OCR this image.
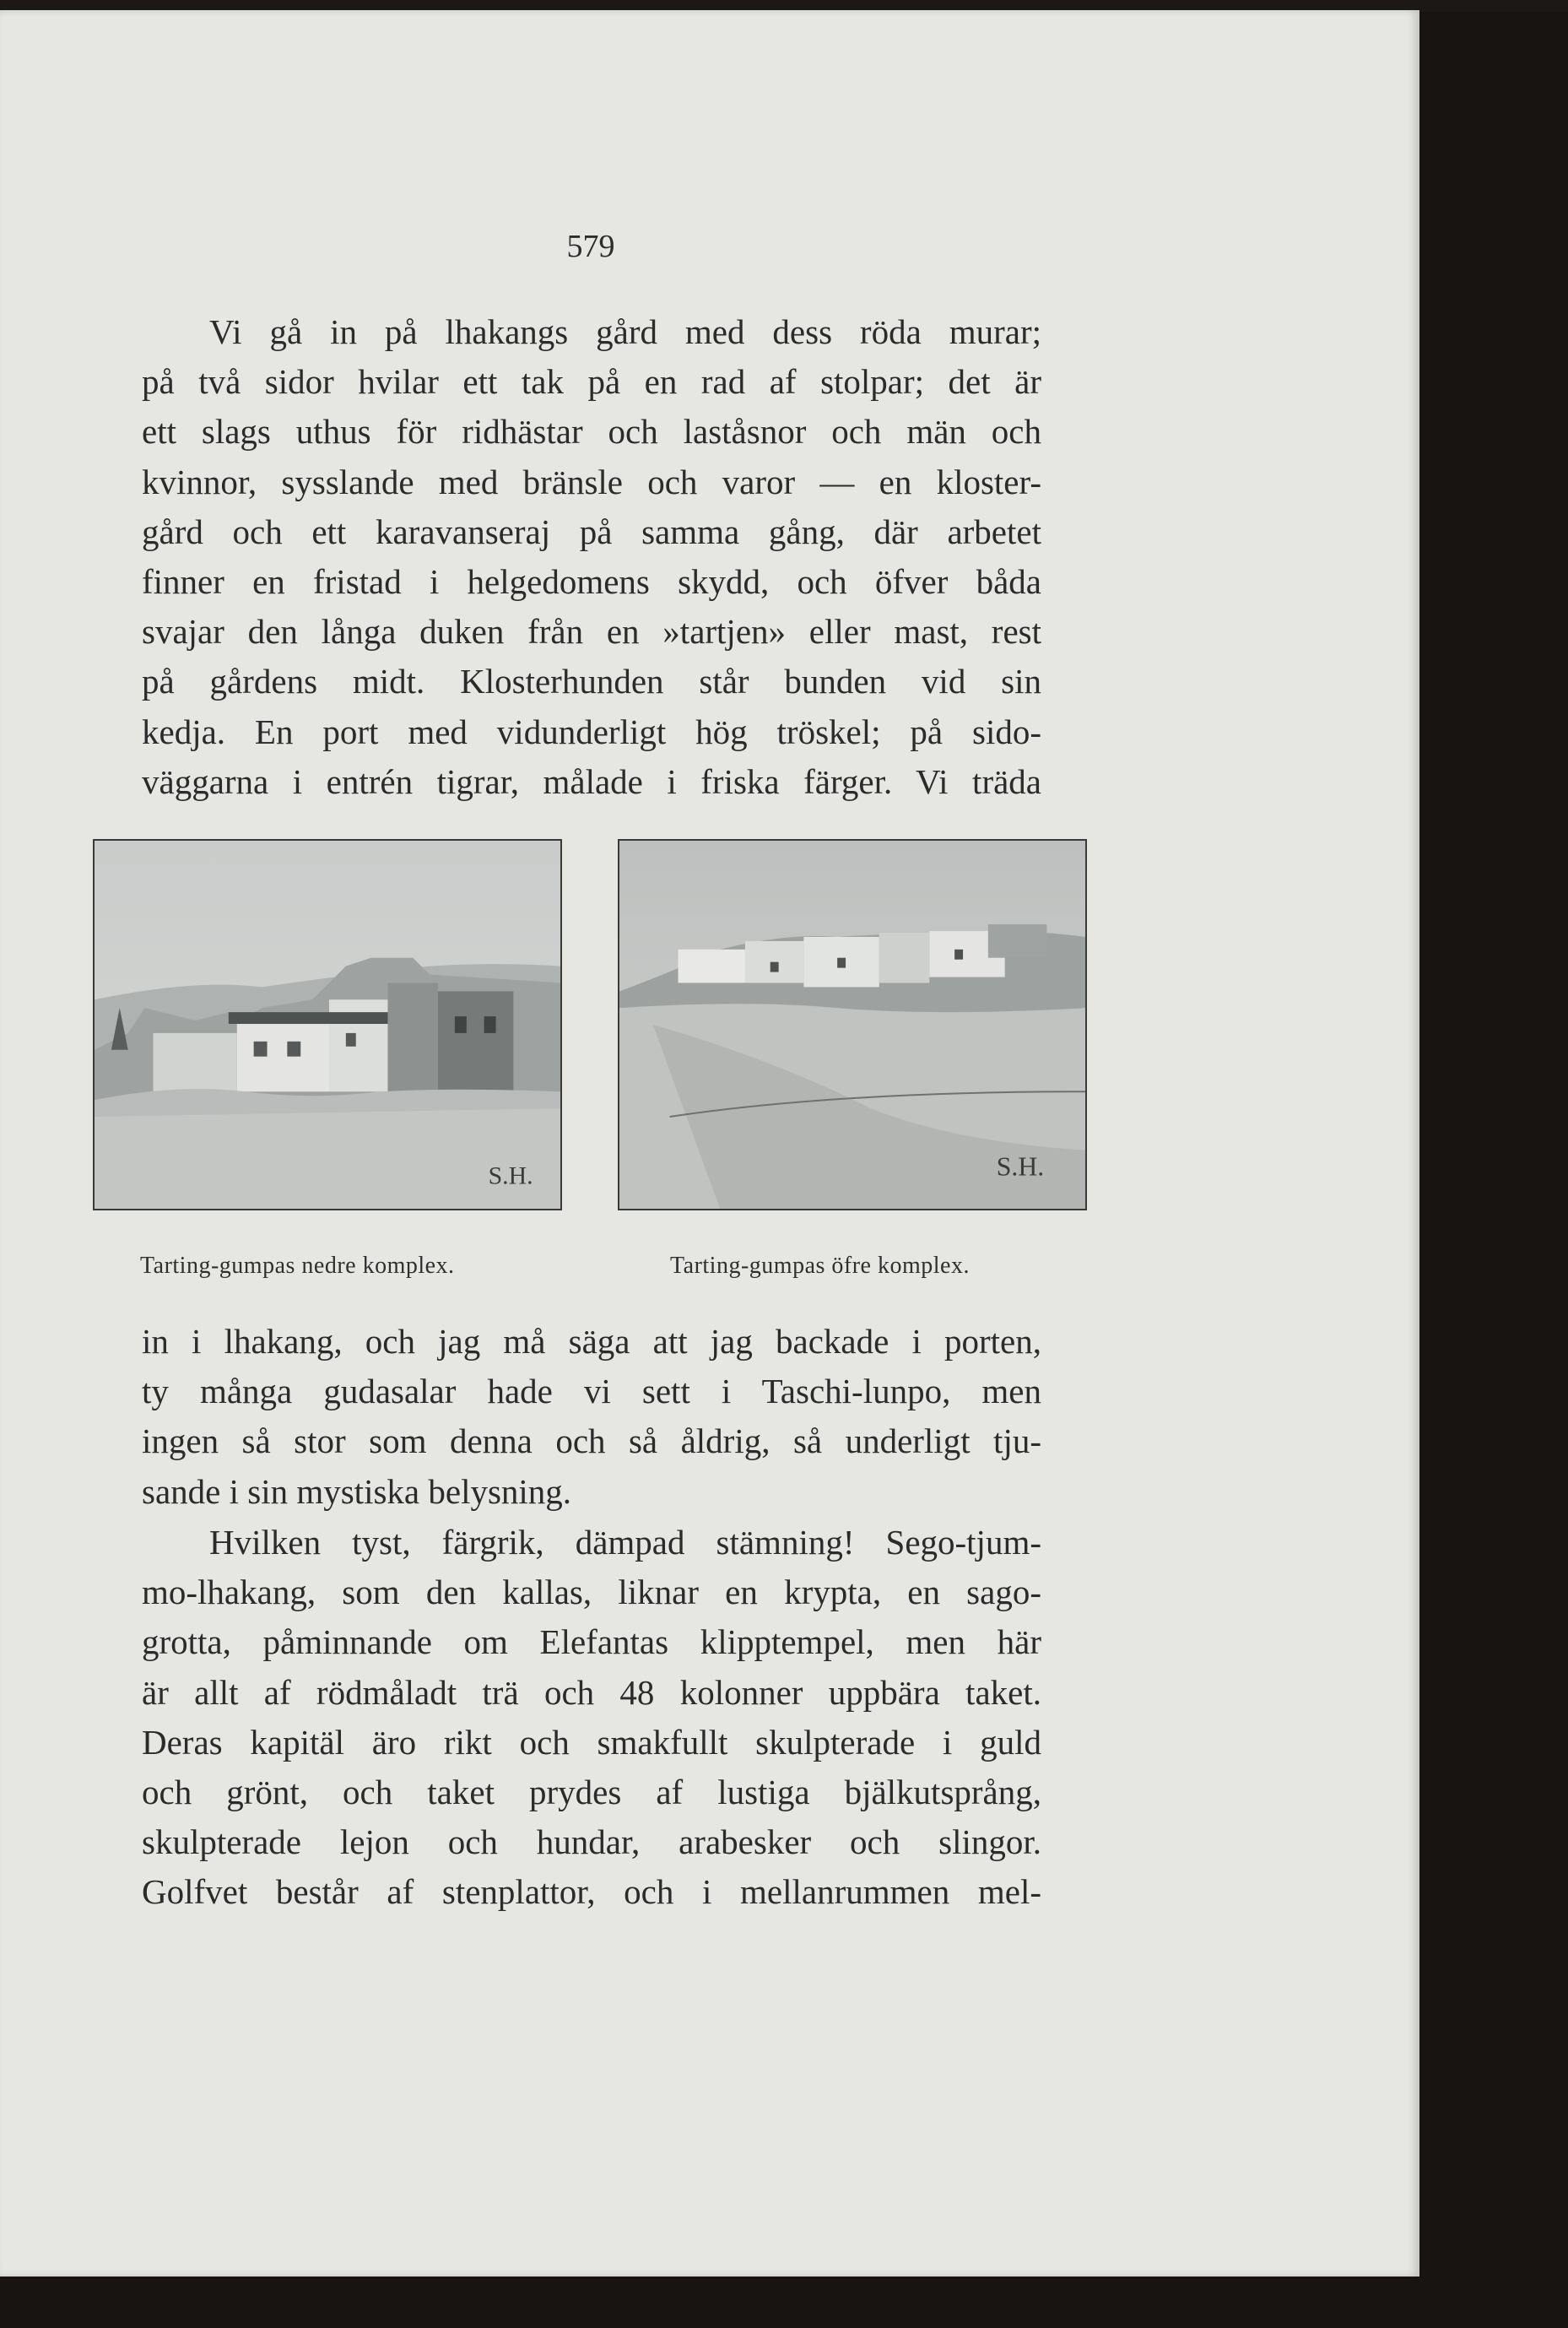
579
Vi gå in på lhakangs gård med dess röda murar;
på två sidor hvilar ett tak på en rad af stolpar; det är
ett slags uthus för ridhästar och laståsnor och män och
kvinnor, sysslande med bränsle och varor — en kloster-
gård och ett karavanseraj på samma gång, där arbetet
finner en fristad i helgedomens skydd, och öfver båda
svajar den långa duken från en »tartjen» eller mast, rest
på gårdens midt. Klosterhunden står bunden vid sin
kedja. En port med vidunderligt hög tröskel; på sido-
väggarna i entrén tigrar, målade i friska färger. Vi träda
S.H.	S.H.
Tarting-gumpas nedre komplex.	Tarting-gumpas öfre komplex.
in i lhakang, och jag må säga att jag backade i porten,
ty många gudasalar hade vi sett i Taschi-lunpo, men
ingen så stor som denna och så åldrig, så underligt tju-
sande i sin mystiska belysning.
Hvilken tyst, färgrik, dämpad stämning! Sego-tjum-
mo-lhakang, som den kallas, liknar en krypta, en sago-
grotta, påminnande om Elefantas klipptempel, men här
är allt af rödmåladt trä och 48 kolonner uppbära taket.
Deras kapitäl äro rikt och smakfullt skulpterade i guld
och grönt, och taket prydes af lustiga bjälkutsprång,
skulpterade lejon och hundar, arabesker och slingor.
Golfvet består af stenplattor, och i mellanrummen mel-
